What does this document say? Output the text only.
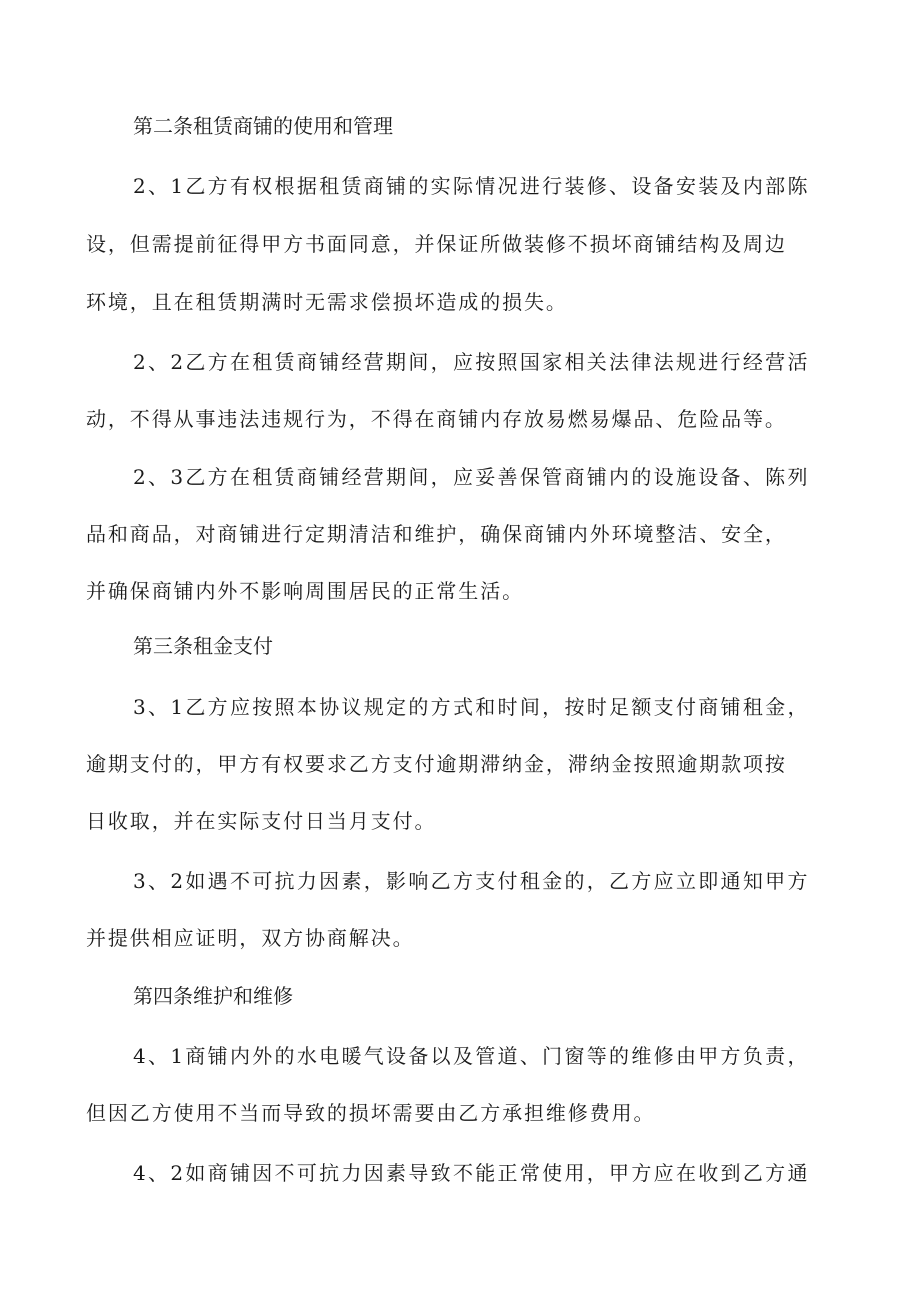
第二条租赁商铺的使用和管理
2、1乙方有权根据租赁商铺的实际情况进行装修、设备安装及内部陈
设，但需提前征得甲方书面同意，并保证所做装修不损坏商铺结构及周边
环境，且在租赁期满时无需求偿损坏造成的损失。
2、2乙方在租赁商铺经营期间，应按照国家相关法律法规进行经营活
动，不得从事违法违规行为，不得在商铺内存放易燃易爆品、危险品等。
2、3乙方在租赁商铺经营期间，应妥善保管商铺内的设施设备、陈列
品和商品，对商铺进行定期清洁和维护，确保商铺内外环境整洁、安全，
并确保商铺内外不影响周围居民的正常生活。
第三条租金支付
3、1乙方应按照本协议规定的方式和时间，按时足额支付商铺租金，
逾期支付的，甲方有权要求乙方支付逾期滞纳金，滞纳金按照逾期款项按
日收取，并在实际支付日当月支付。
3、2如遇不可抗力因素，影响乙方支付租金的，乙方应立即通知甲方
并提供相应证明，双方协商解决。
第四条维护和维修
4、1商铺内外的水电暖气设备以及管道、门窗等的维修由甲方负责，
但因乙方使用不当而导致的损坏需要由乙方承担维修费用。
4、2如商铺因不可抗力因素导致不能正常使用，甲方应在收到乙方通
